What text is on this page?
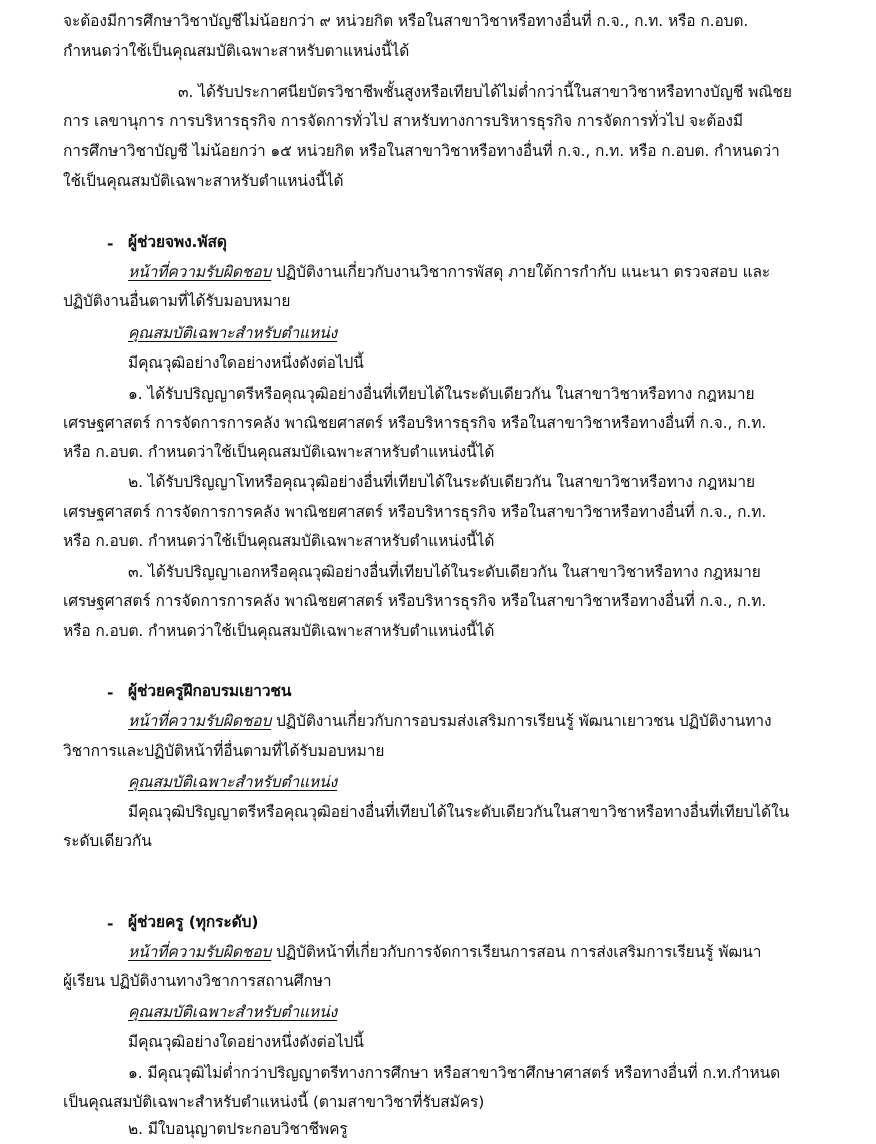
จะต้องมีการศึกษาวิชาบัญชีไม่น้อยกว่า ๙ หน่วยกิต หรือในสาขาวิชาหรือทางอื่นที่ ก.จ., ก.ท. หรือ ก.อบต.
กำหนดว่าใช้เป็นคุณสมบัติเฉพาะสาหรับตาแหน่งนี้ได้
๓. ได้รับประกาศนียบัตรวิชาชีพชั้นสูงหรือเทียบได้ไม่ต่ำกว่านี้ในสาขาวิชาหรือทางบัญชี พณิชย
การ เลขานุการ การบริหารธุรกิจ การจัดการทั่วไป สาหรับทางการบริหารธุรกิจ การจัดการทั่วไป จะต้องมี
การศึกษาวิชาบัญชี ไม่น้อยกว่า ๑๕ หน่วยกิต หรือในสาขาวิชาหรือทางอื่นที่ ก.จ., ก.ท. หรือ ก.อบต. กำหนดว่า
ใช้เป็นคุณสมบัติเฉพาะสาหรับตำแหน่งนี้ได้
- ผู้ช่วยจพง.พัสดุ
หน้าที่ความรับผิดชอบ ปฏิบัติงานเกี่ยวกับงานวิชาการพัสดุ ภายใต้การกำกับ แนะนา ตรวจสอบ และ
ปฏิบัติงานอื่นตามที่ได้รับมอบหมาย
คุณสมบัติเฉพาะสำหรับตำแหน่ง
มีคุณวุฒิอย่างใดอย่างหนึ่งดังต่อไปนี้
๑. ได้รับปริญญาตรีหรือคุณวุฒิอย่างอื่นที่เทียบได้ในระดับเดียวกัน ในสาขาวิชาหรือทาง กฎหมาย
เศรษฐศาสตร์ การจัดการการคลัง พาณิชยศาสตร์ หรือบริหารธุรกิจ หรือในสาขาวิชาหรือทางอื่นที่ ก.จ., ก.ท.
หรือ ก.อบต. กำหนดว่าใช้เป็นคุณสมบัติเฉพาะสาหรับตำแหน่งนี้ได้
๒. ได้รับปริญญาโทหรือคุณวุฒิอย่างอื่นที่เทียบได้ในระดับเดียวกัน ในสาขาวิชาหรือทาง กฎหมาย
เศรษฐศาสตร์ การจัดการการคลัง พาณิชยศาสตร์ หรือบริหารธุรกิจ หรือในสาขาวิชาหรือทางอื่นที่ ก.จ., ก.ท.
หรือ ก.อบต. กำหนดว่าใช้เป็นคุณสมบัติเฉพาะสาหรับตำแหน่งนี้ได้
๓. ได้รับปริญญาเอกหรือคุณวุฒิอย่างอื่นที่เทียบได้ในระดับเดียวกัน ในสาขาวิชาหรือทาง กฎหมาย
เศรษฐศาสตร์ การจัดการการคลัง พาณิชยศาสตร์ หรือบริหารธุรกิจ หรือในสาขาวิชาหรือทางอื่นที่ ก.จ., ก.ท.
หรือ ก.อบต. กำหนดว่าใช้เป็นคุณสมบัติเฉพาะสาหรับตำแหน่งนี้ได้
- ผู้ช่วยครูฝึกอบรมเยาวชน
หน้าที่ความรับผิดชอบ ปฏิบัติงานเกี่ยวกับการอบรมส่งเสริมการเรียนรู้ พัฒนาเยาวชน ปฏิบัติงานทาง
วิชาการและปฏิบัติหน้าที่อื่นตามที่ได้รับมอบหมาย
คุณสมบัติเฉพาะสำหรับตำแหน่ง
มีคุณวุฒิปริญญาตรีหรือคุณวุฒิอย่างอื่นที่เทียบได้ในระดับเดียวกันในสาขาวิชาหรือทางอื่นที่เทียบได้ใน
ระดับเดียวกัน
- ผู้ช่วยครู (ทุกระดับ)
หน้าที่ความรับผิดชอบ ปฏิบัติหน้าที่เกี่ยวกับการจัดการเรียนการสอน การส่งเสริมการเรียนรู้ พัฒนา
ผู้เรียน ปฏิบัติงานทางวิชาการสถานศึกษา
คุณสมบัติเฉพาะสำหรับตำแหน่ง
มีคุณวุฒิอย่างใดอย่างหนึ่งดังต่อไปนี้
๑. มีคุณวุฒิไม่ต่ำกว่าปริญญาตรีทางการศึกษา หรือสาขาวิชาศึกษาศาสตร์ หรือทางอื่นที่ ก.ท.กำหนด
เป็นคุณสมบัติเฉพาะสำหรับตำแหน่งนี้ (ตามสาขาวิชาที่รับสมัคร)
๒. มีใบอนุญาตประกอบวิชาชีพครู
